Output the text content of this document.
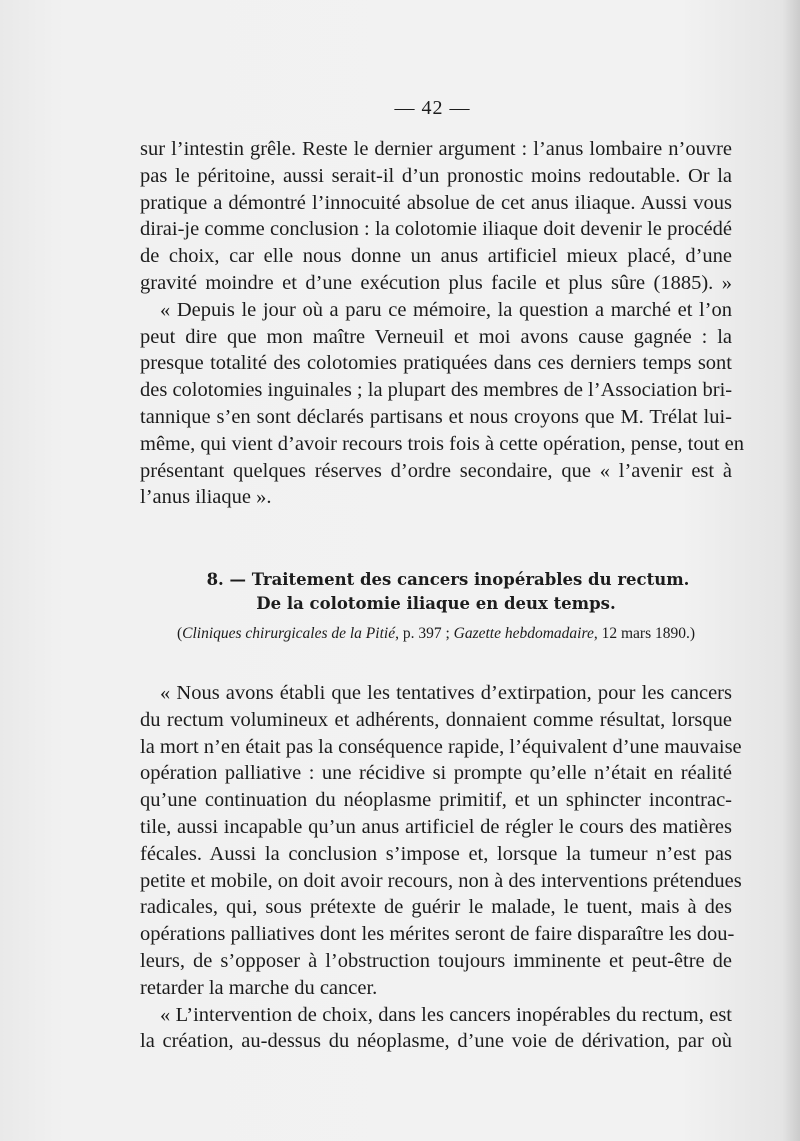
— 42 —
sur l’intestin grêle. Reste le dernier argument : l’anus lombaire n’ouvre
pas le péritoine, aussi serait-il d’un pronostic moins redoutable. Or la
pratique a démontré l’innocuité absolue de cet anus iliaque. Aussi vous
dirai-je comme conclusion : la colotomie iliaque doit devenir le procédé
de choix, car elle nous donne un anus artificiel mieux placé, d’une
gravité moindre et d’une exécution plus facile et plus sûre (1885). »
« Depuis le jour où a paru ce mémoire, la question a marché et l’on
peut dire que mon maître Verneuil et moi avons cause gagnée : la
presque totalité des colotomies pratiquées dans ces derniers temps sont
des colotomies inguinales ; la plupart des membres de l’Association bri-
tannique s’en sont déclarés partisans et nous croyons que M. Trélat lui-
même, qui vient d’avoir recours trois fois à cette opération, pense, tout en
présentant quelques réserves d’ordre secondaire, que « l’avenir est à
l’anus iliaque ».
8. — Traitement des cancers inopérables du rectum.
De la colotomie iliaque en deux temps.
(Cliniques chirurgicales de la Pitié, p. 397 ; Gazette hebdomadaire, 12 mars 1890.)
« Nous avons établi que les tentatives d’extirpation, pour les cancers
du rectum volumineux et adhérents, donnaient comme résultat, lorsque
la mort n’en était pas la conséquence rapide, l’équivalent d’une mauvaise
opération palliative : une récidive si prompte qu’elle n’était en réalité
qu’une continuation du néoplasme primitif, et un sphincter incontrac-
tile, aussi incapable qu’un anus artificiel de régler le cours des matières
fécales. Aussi la conclusion s’impose et, lorsque la tumeur n’est pas
petite et mobile, on doit avoir recours, non à des interventions prétendues
radicales, qui, sous prétexte de guérir le malade, le tuent, mais à des
opérations palliatives dont les mérites seront de faire disparaître les dou-
leurs, de s’opposer à l’obstruction toujours imminente et peut-être de
retarder la marche du cancer.
« L’intervention de choix, dans les cancers inopérables du rectum, est
la création, au-dessus du néoplasme, d’une voie de dérivation, par où
